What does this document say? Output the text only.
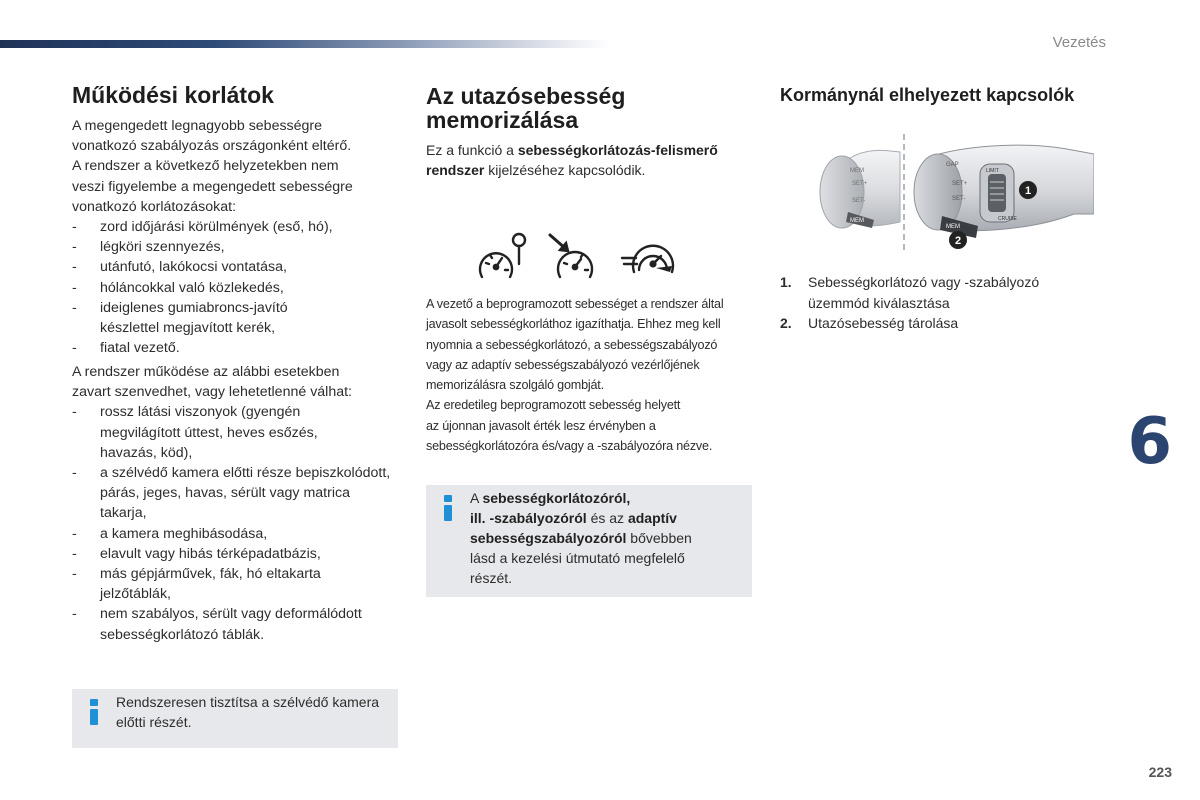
Vezetés
6
223
Működési korlátok

A megengedett legnagyobb sebességre

vonatkozó szabályozás országonként eltérő.

A rendszer a következő helyzetekben nem

veszi figyelembe a megengedett sebességre

vonatkozó korlátozásokat:

- zord időjárási körülmények (eső, hó),
- légköri szennyezés,
- utánfutó, lakókocsi vontatása,
- hóláncokkal való közlekedés,
- ideiglenes gumiabroncs-javító készlettel megjavított kerék,
- fiatal vezető.

A rendszer működése az alábbi esetekben

zavart szenvedhet, vagy lehetetlenné válhat:

- rossz látási viszonyok (gyengén megvilágított úttest, heves esőzés, havazás, köd),
- a szélvédő kamera előtti része bepiszkolódott, párás, jeges, havas, sérült vagy matrica takarja,
- a kamera meghibásodása,
- elavult vagy hibás térképadatbázis,
- más gépjárművek, fák, hó eltakarta jelzőtáblák,
- nem szabályos, sérült vagy deformálódott sebességkorlátozó táblák.
Rendszeresen tisztítsa a szélvédő kamera előtti részét.
Az utazósebesség
memorizálása
Ez a funkció a sebességkorlátozás-felismerő
rendszer kijelzéséhez kapcsolódik.

A vezető a beprogramozott sebességet a rendszer által

javasolt sebességkorláthoz igazíthatja. Ehhez meg kell

nyomnia a sebességkorlátozó, a sebességszabályozó

vagy az adaptív sebességszabályozó vezérlőjének

memorizálásra szolgáló gombját.

Az eredetileg beprogramozott sebesség helyett

az újonnan javasolt érték lesz érvényben a

sebességkorlátozóra és/vagy a -szabályozóra nézve.

A sebességkorlátozóról,
ill. -szabályozóról és az adaptív
sebességszabályozóról bővebben
lásd a kezelési útmutató megfelelő
részét.
Kormánynál elhelyezett kapcsolók
MEM
SET+
SET-
MEM
GAP
SET+
SET-
LIMIT
CRUISE
MEM
1
2
1. Sebességkorlátozó vagy -szabályozó üzemmód kiválasztása
2. Utazósebesség tárolása
